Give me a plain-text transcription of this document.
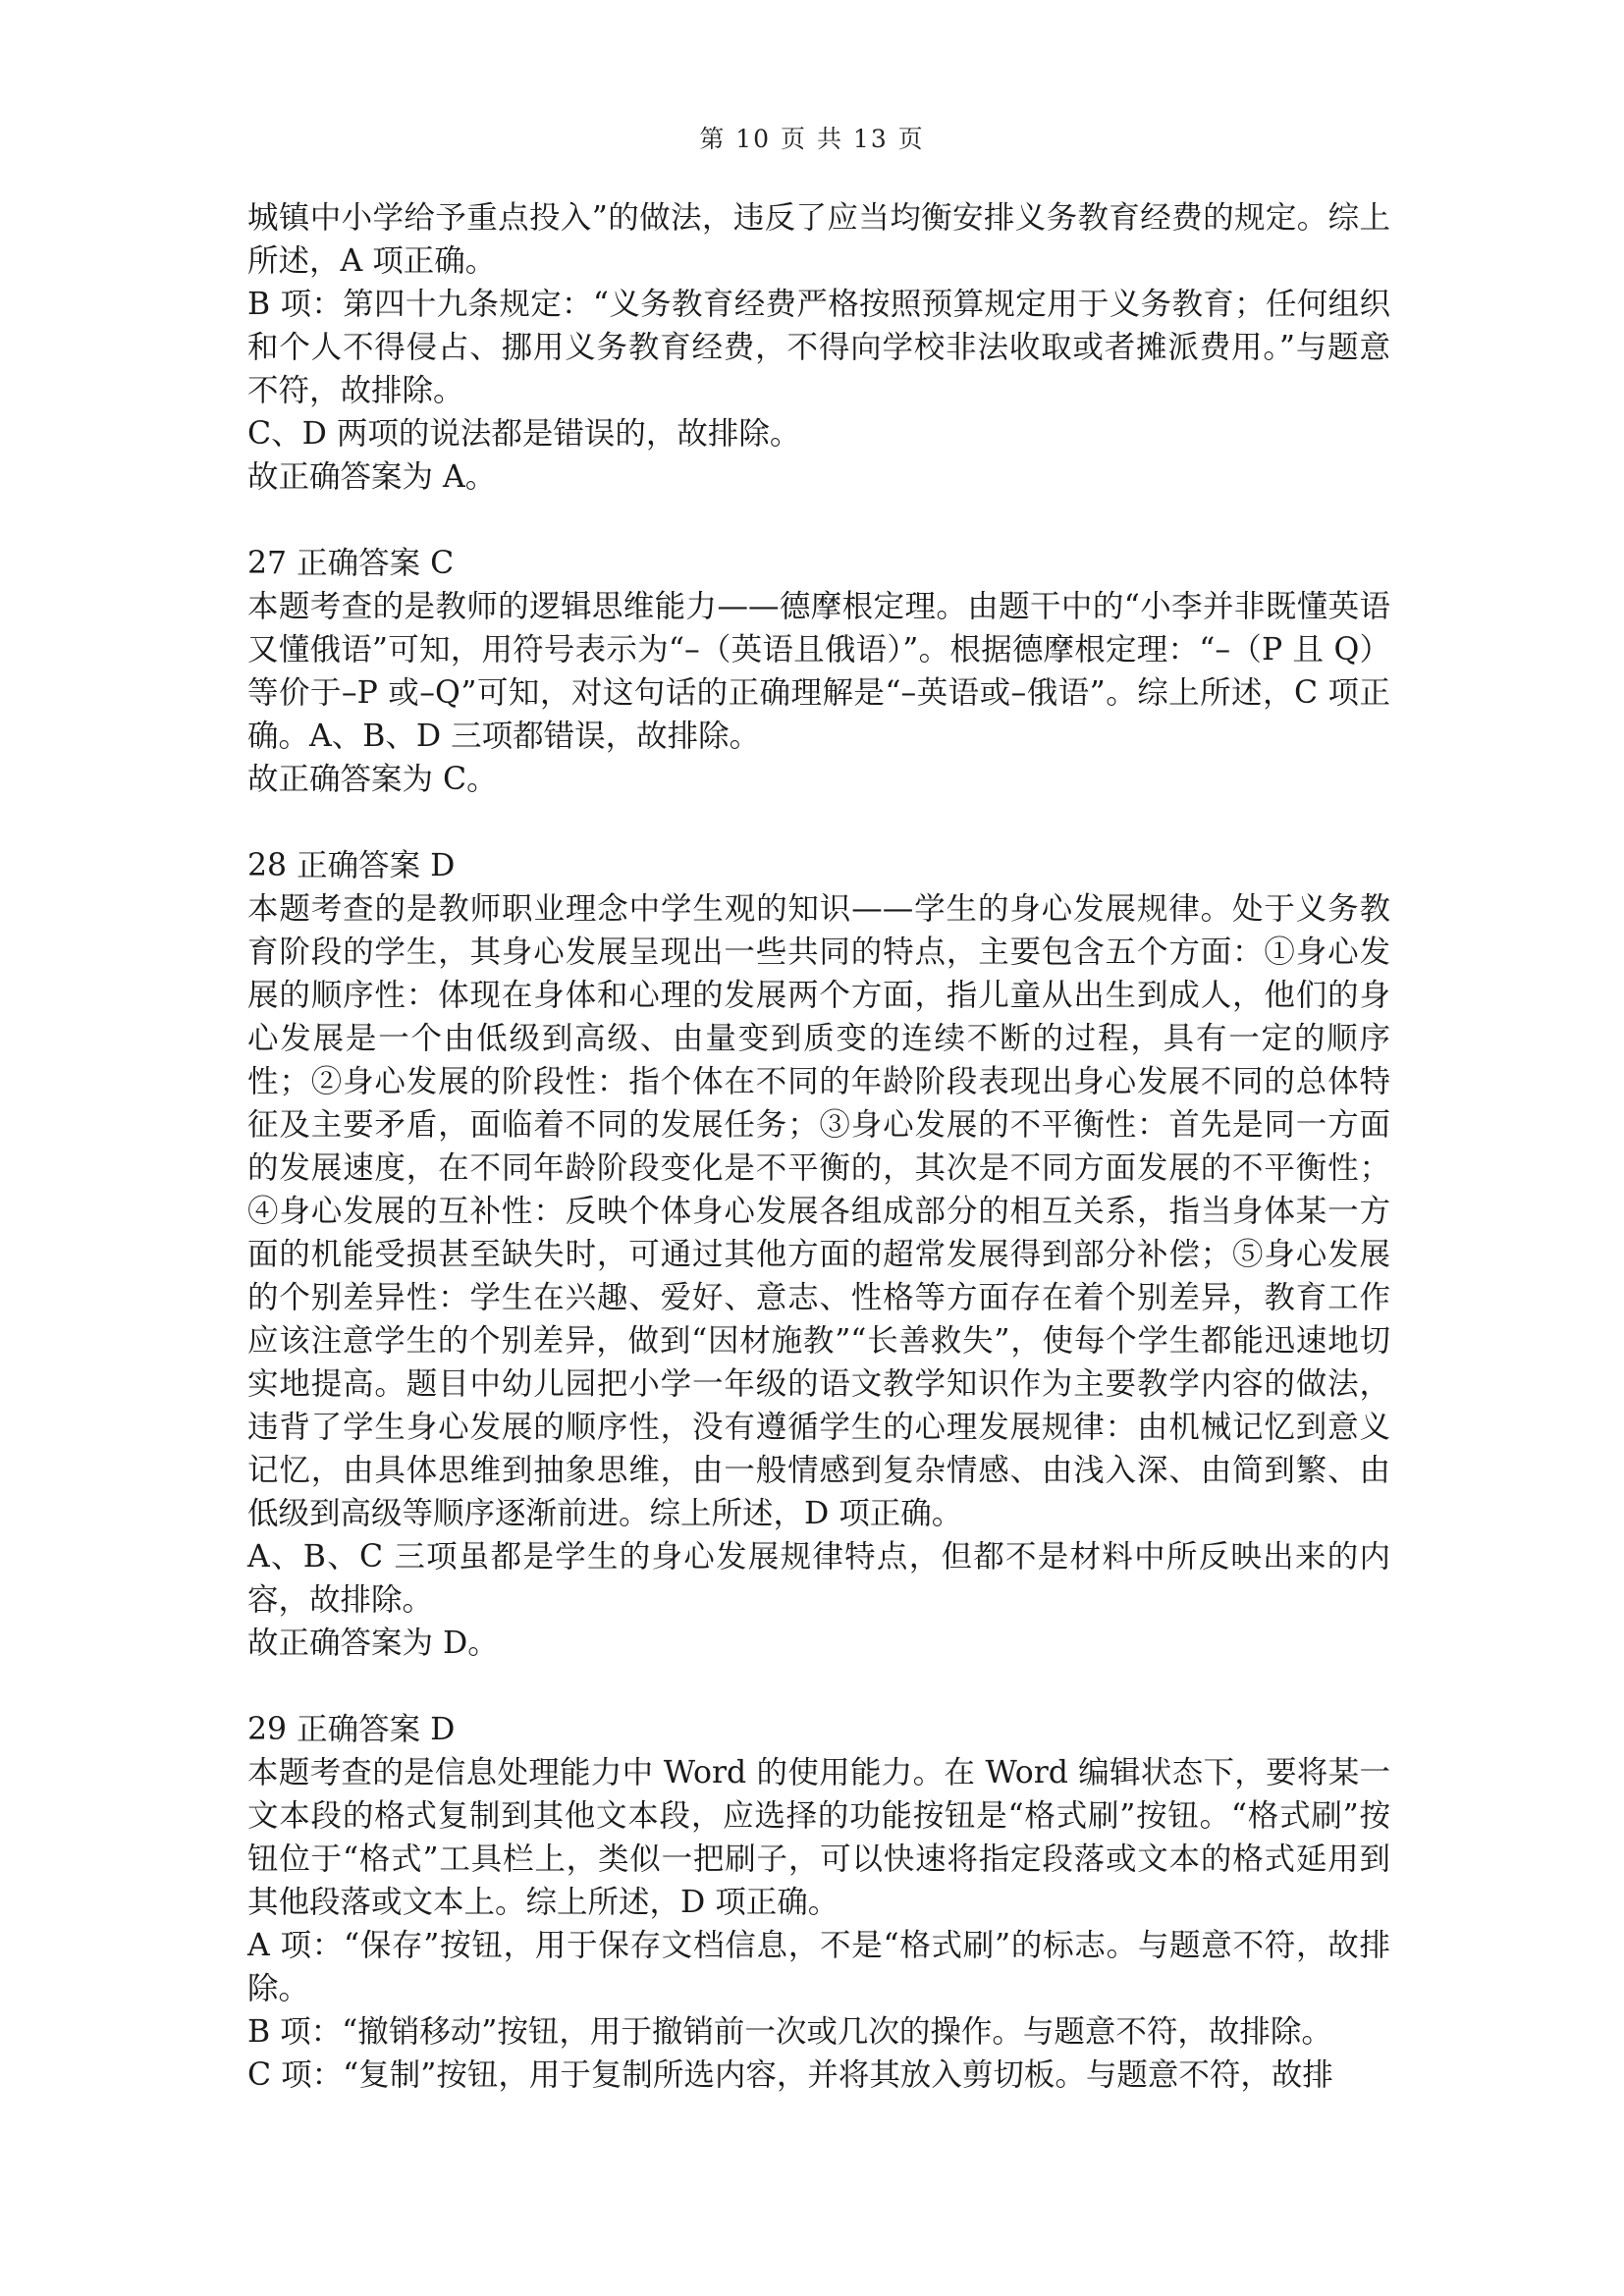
第 10 页 共 13 页

城镇中小学给予重点投入”的做法，违反了应当均衡安排义务教育经费的规定。综上所述，A 项正确。

B 项：第四十九条规定：“义务教育经费严格按照预算规定用于义务教育；任何组织和个人不得侵占、挪用义务教育经费，不得向学校非法收取或者摊派费用。”与题意不符，故排除。

C、D 两项的说法都是错误的，故排除。

故正确答案为 A。

27 正确答案 C

本题考查的是教师的逻辑思维能力——德摩根定理。由题干中的“小李并非既懂英语又懂俄语”可知，用符号表示为“–（英语且俄语）”。根据德摩根定理：“–（P 且 Q）等价于–P 或–Q”可知，对这句话的正确理解是“–英语或–俄语”。综上所述，C 项正确。A、B、D 三项都错误，故排除。

故正确答案为 C。

28 正确答案 D

本题考查的是教师职业理念中学生观的知识——学生的身心发展规律。处于义务教育阶段的学生，其身心发展呈现出一些共同的特点，主要包含五个方面：①身心发展的顺序性：体现在身体和心理的发展两个方面，指儿童从出生到成人，他们的身心发展是一个由低级到高级、由量变到质变的连续不断的过程，具有一定的顺序性；②身心发展的阶段性：指个体在不同的年龄阶段表现出身心发展不同的总体特征及主要矛盾，面临着不同的发展任务；③身心发展的不平衡性：首先是同一方面的发展速度，在不同年龄阶段变化是不平衡的，其次是不同方面发展的不平衡性；④身心发展的互补性：反映个体身心发展各组成部分的相互关系，指当身体某一方面的机能受损甚至缺失时，可通过其他方面的超常发展得到部分补偿；⑤身心发展的个别差异性：学生在兴趣、爱好、意志、性格等方面存在着个别差异，教育工作应该注意学生的个别差异，做到“因材施教”“长善救失”，使每个学生都能迅速地切实地提高。题目中幼儿园把小学一年级的语文教学知识作为主要教学内容的做法，违背了学生身心发展的顺序性，没有遵循学生的心理发展规律：由机械记忆到意义记忆，由具体思维到抽象思维，由一般情感到复杂情感、由浅入深、由简到繁、由低级到高级等顺序逐渐前进。综上所述，D 项正确。

A、B、C 三项虽都是学生的身心发展规律特点，但都不是材料中所反映出来的内容，故排除。

故正确答案为 D。

29 正确答案 D

本题考查的是信息处理能力中 Word 的使用能力。在 Word 编辑状态下，要将某一文本段的格式复制到其他文本段，应选择的功能按钮是“格式刷”按钮。“格式刷”按钮位于“格式”工具栏上，类似一把刷子，可以快速将指定段落或文本的格式延用到其他段落或文本上。综上所述，D 项正确。

A 项：“保存”按钮，用于保存文档信息，不是“格式刷”的标志。与题意不符，故排除。

B 项：“撤销移动”按钮，用于撤销前一次或几次的操作。与题意不符，故排除。

C 项：“复制”按钮，用于复制所选内容，并将其放入剪切板。与题意不符，故排
